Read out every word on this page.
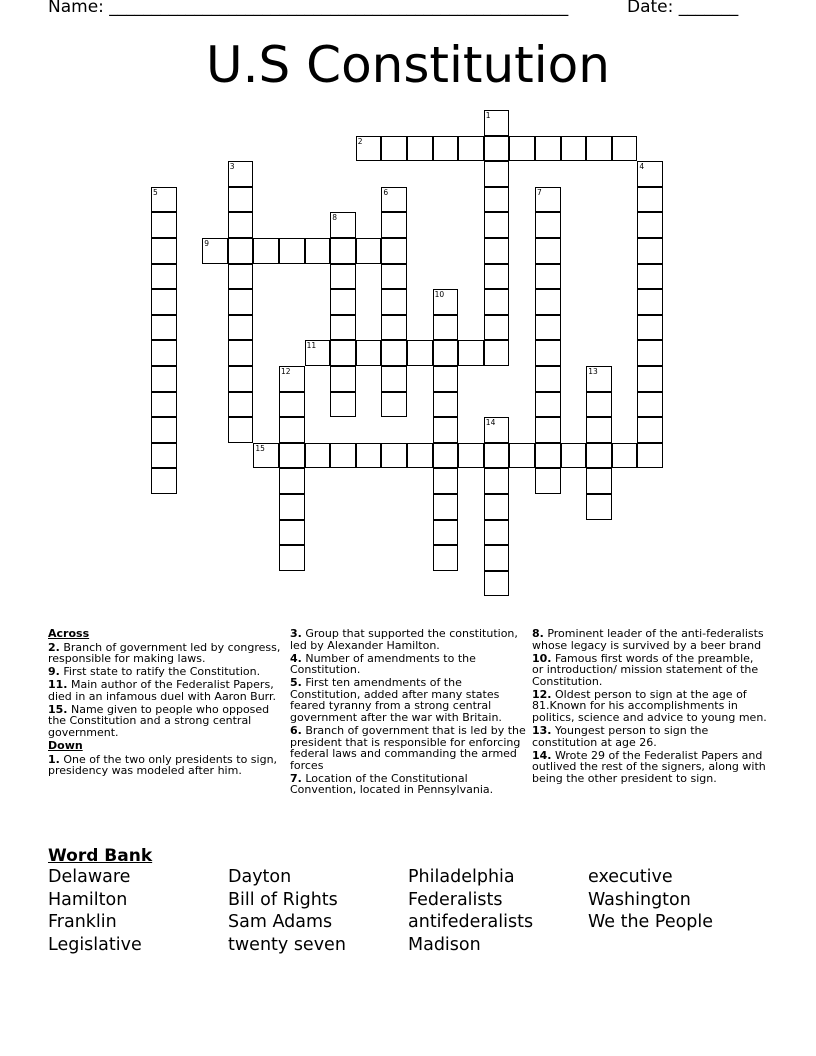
Name: ______________________________________________________	Date: _______
U.S Constitution
1
2
3	4
5	6	7
8
9
10
11
12	13
14
15
Across
2. Branch of government led by congress, responsible for making laws.
9. First state to ratify the Constitution.
11. Main author of the Federalist Papers, died in an infamous duel with Aaron Burr.
15. Name given to people who opposed the Constitution and a strong central government.
Down
1. One of the two only presidents to sign, presidency was modeled after him.
3. Group that supported the constitution, led by Alexander Hamilton.
4. Number of amendments to the Constitution.
5. First ten amendments of the Constitution, added after many states feared tyranny from a strong central government after the war with Britain.
6. Branch of government that is led by the president that is responsible for enforcing federal laws and commanding the armed forces
7. Location of the Constitutional Convention, located in Pennsylvania.
8. Prominent leader of the anti-federalists whose legacy is survived by a beer brand
10. Famous first words of the preamble, or introduction/ mission statement of the Constitution.
12. Oldest person to sign at the age of 81.Known for his accomplishments in politics, science and advice to young men.
13. Youngest person to sign the constitution at age 26.
14. Wrote 29 of the Federalist Papers and outlived the rest of the signers, along with being the other president to sign.
Word Bank
Delaware
Hamilton
Franklin
Legislative
Dayton
Bill of Rights
Sam Adams
twenty seven
Philadelphia
Federalists
antifederalists
Madison
executive
Washington
We the People
